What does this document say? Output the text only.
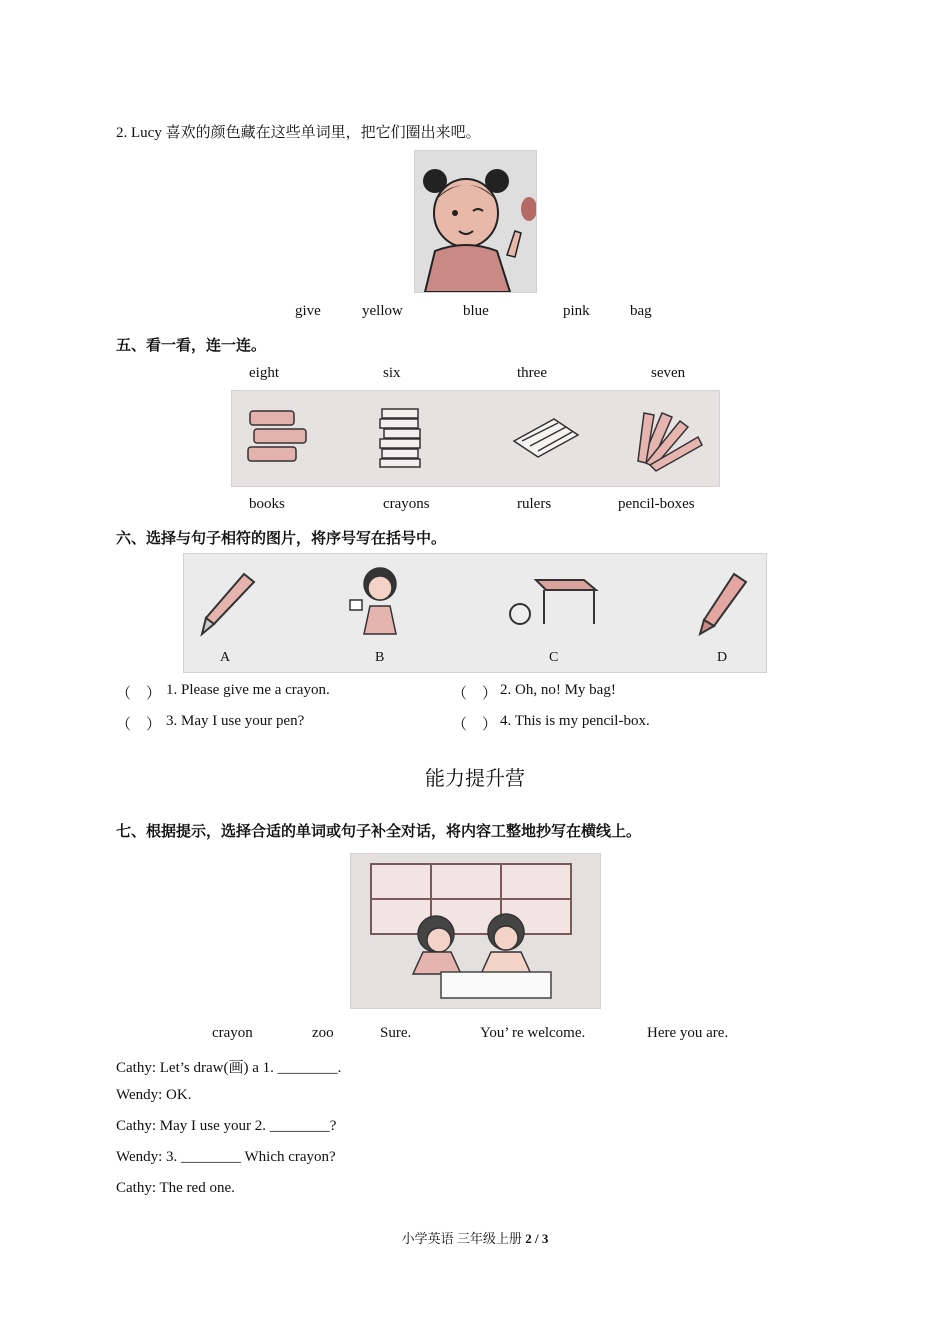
2. Lucy 喜欢的颜色藏在这些单词里，把它们圈出来吧。
give	yellow	blue	pink	bag
五、看一看，连一连。
eight	six	three	seven
books	crayons	rulers	pencil-boxes
六、选择与句子相符的图片，将序号写在括号中。
A	B	C	D
（　） 1. Please give me a crayon.	（　） 2. Oh, no! My bag!
（　） 3. May I use your pen?	（　） 4. This is my pencil-box.
能力提升营
七、根据提示，选择合适的单词或句子补全对话，将内容工整地抄写在横线上。
crayon	zoo	Sure.	You’ re welcome.	Here you are.
Cathy: Let’s draw(画) a 1. ________.
Wendy: OK.
Cathy: May I use your 2. ________?
Wendy: 3. ________ Which crayon?
Cathy: The red one.
小学英语 三年级上册 2 / 3
